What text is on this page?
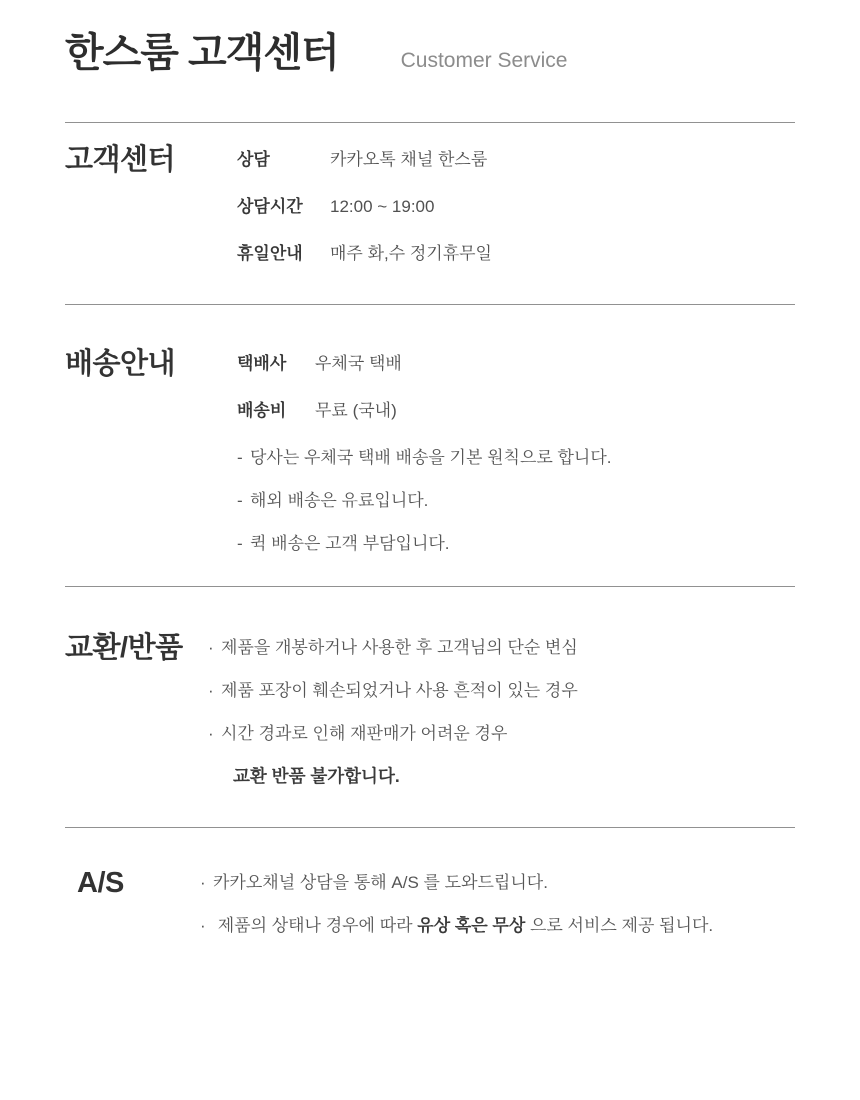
한스룸 고객센터	Customer Service
고객센터	상담	카카오톡 채널 한스룸
상담시간	12:00 ~ 19:00
휴일안내	매주 화,수 정기휴무일
배송안내	택배사	우체국 택배
배송비	무료 (국내)
- 당사는 우체국 택배 배송을 기본 원칙으로 합니다.
- 해외 배송은 유료입니다.
- 퀵 배송은 고객 부담입니다.
교환/반품	· 제품을 개봉하거나 사용한 후 고객님의 단순 변심
· 제품 포장이 훼손되었거나 사용 흔적이 있는 경우
· 시간 경과로 인해 재판매가 어려운 경우
교환 반품 불가합니다.
A/S	· 카카오채널 상담을 통해 A/S 를 도와드립니다.
· 제품의 상태나 경우에 따라 유상 혹은 무상 으로 서비스 제공 됩니다.
